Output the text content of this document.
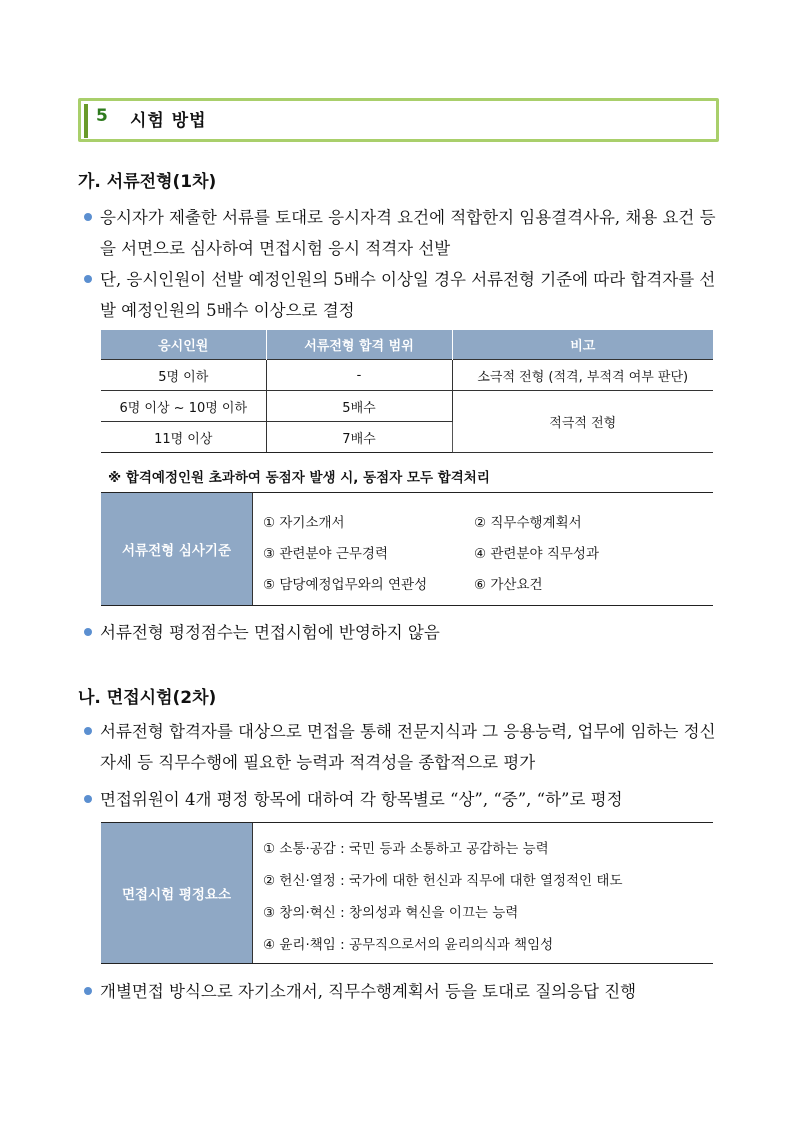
5 시험 방법
가. 서류전형(1차)
응시자가 제출한 서류를 토대로 응시자격 요건에 적합한지 임용결격사유, 채용 요건 등을 서면으로 심사하여 면접시험 응시 적격자 선발
단, 응시인원이 선발 예정인원의 5배수 이상일 경우 서류전형 기준에 따라 합격자를 선발 예정인원의 5배수 이상으로 결정
응시인원	서류전형 합격 범위	비고
5명 이하	-	소극적 전형 (적격, 부적격 여부 판단)
6명 이상 ~ 10명 이하	5배수	적극적 전형
11명 이상	7배수	
※ 합격예정인원 초과하여 동점자 발생 시, 동점자 모두 합격처리
서류전형 심사기준
① 자기소개서	② 직무수행계획서
③ 관련분야 근무경력	④ 관련분야 직무성과
⑤ 담당예정업무와의 연관성	⑥ 가산요건
서류전형 평정점수는 면접시험에 반영하지 않음
나. 면접시험(2차)
서류전형 합격자를 대상으로 면접을 통해 전문지식과 그 응용능력, 업무에 임하는 정신자세 등 직무수행에 필요한 능력과 적격성을 종합적으로 평가
면접위원이 4개 평정 항목에 대하여 각 항목별로 “상”, “중”, “하”로 평정
면접시험 평정요소
① 소통·공감 : 국민 등과 소통하고 공감하는 능력
② 헌신·열정 : 국가에 대한 헌신과 직무에 대한 열정적인 태도
③ 창의·혁신 : 창의성과 혁신을 이끄는 능력
④ 윤리·책임 : 공무직으로서의 윤리의식과 책임성
개별면접 방식으로 자기소개서, 직무수행계획서 등을 토대로 질의응답 진행
